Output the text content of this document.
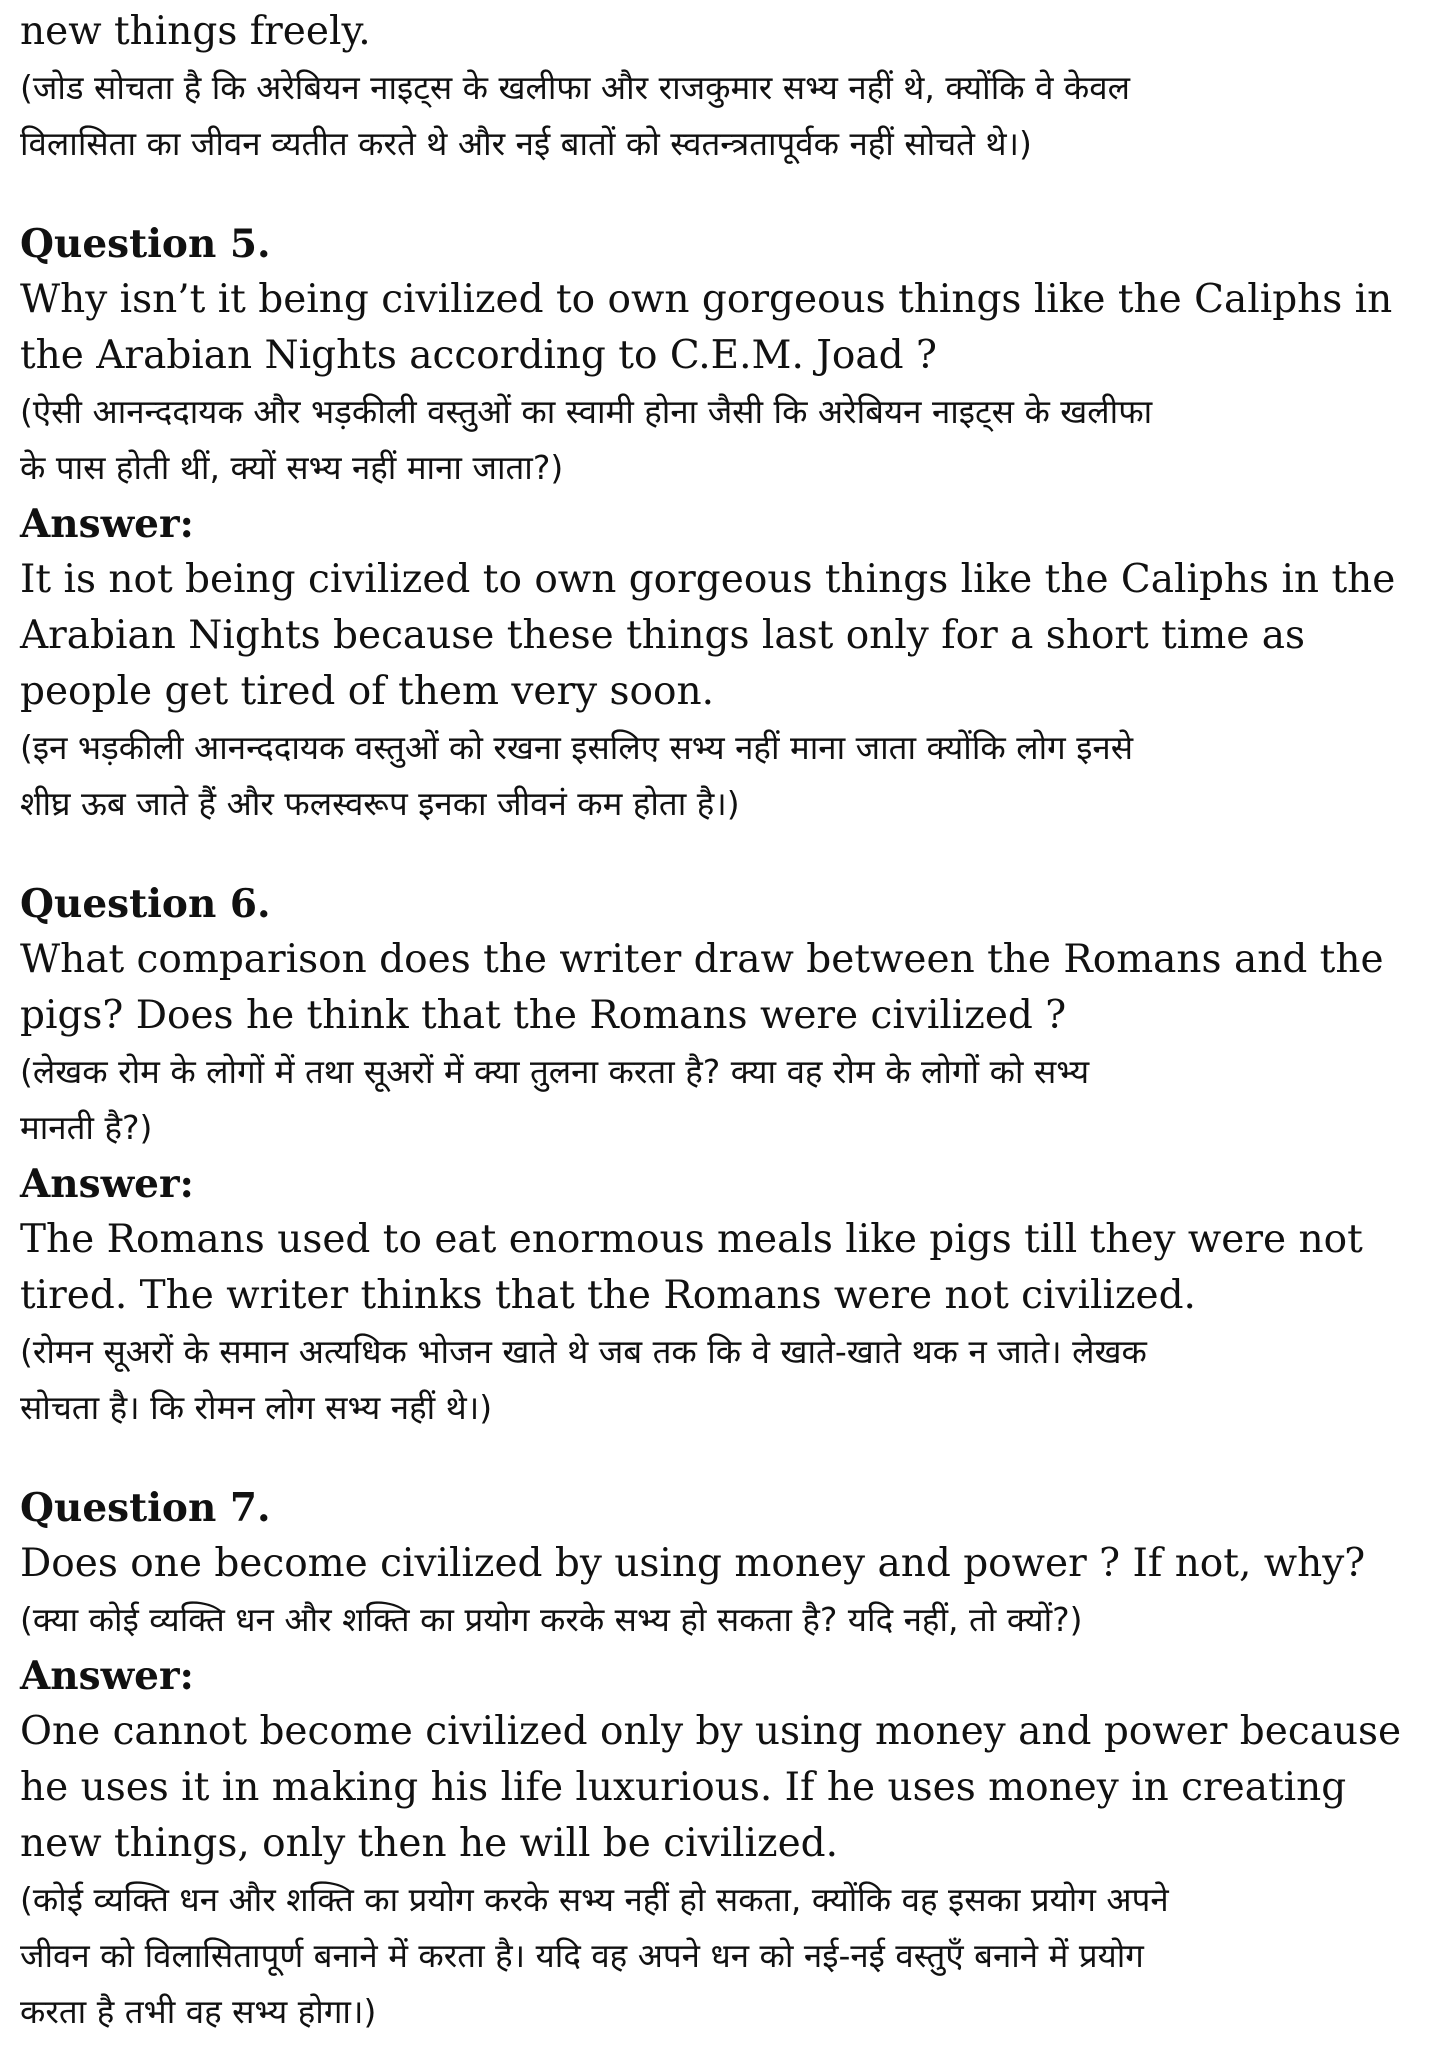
new things freely.

(जोड सोचता है कि अरेबियन नाइट्स के खलीफा और राजकुमार सभ्य नहीं थे, क्योंकि वे केवल

विलासिता का जीवन व्यतीत करते थे और नई बातों को स्वतन्त्रतापूर्वक नहीं सोचते थे।)

Question 5.

Why isn’t it being civilized to own gorgeous things like the Caliphs in

the Arabian Nights according to C.E.M. Joad ?

(ऐसी आनन्ददायक और भड़कीली वस्तुओं का स्वामी होना जैसी कि अरेबियन नाइट्स के खलीफा

के पास होती थीं, क्यों सभ्य नहीं माना जाता?)

Answer:

It is not being civilized to own gorgeous things like the Caliphs in the

Arabian Nights because these things last only for a short time as

people get tired of them very soon.

(इन भड़कीली आनन्ददायक वस्तुओं को रखना इसलिए सभ्य नहीं माना जाता क्योंकि लोग इनसे

शीघ्र ऊब जाते हैं और फलस्वरूप इनका जीवनं कम होता है।)

Question 6.

What comparison does the writer draw between the Romans and the

pigs? Does he think that the Romans were civilized ?

(लेखक रोम के लोगों में तथा सूअरों में क्या तुलना करता है? क्या वह रोम के लोगों को सभ्य

मानती है?)

Answer:

The Romans used to eat enormous meals like pigs till they were not

tired. The writer thinks that the Romans were not civilized.

(रोमन सूअरों के समान अत्यधिक भोजन खाते थे जब तक कि वे खाते-खाते थक न जाते। लेखक

सोचता है। कि रोमन लोग सभ्य नहीं थे।)

Question 7.

Does one become civilized by using money and power ? If not, why?

(क्या कोई व्यक्ति धन और शक्ति का प्रयोग करके सभ्य हो सकता है? यदि नहीं, तो क्यों?)

Answer:

One cannot become civilized only by using money and power because

he uses it in making his life luxurious. If he uses money in creating

new things, only then he will be civilized.

(कोई व्यक्ति धन और शक्ति का प्रयोग करके सभ्य नहीं हो सकता, क्योंकि वह इसका प्रयोग अपने

जीवन को विलासितापूर्ण बनाने में करता है। यदि वह अपने धन को नई-नई वस्तुएँ बनाने में प्रयोग

करता है तभी वह सभ्य होगा।)
